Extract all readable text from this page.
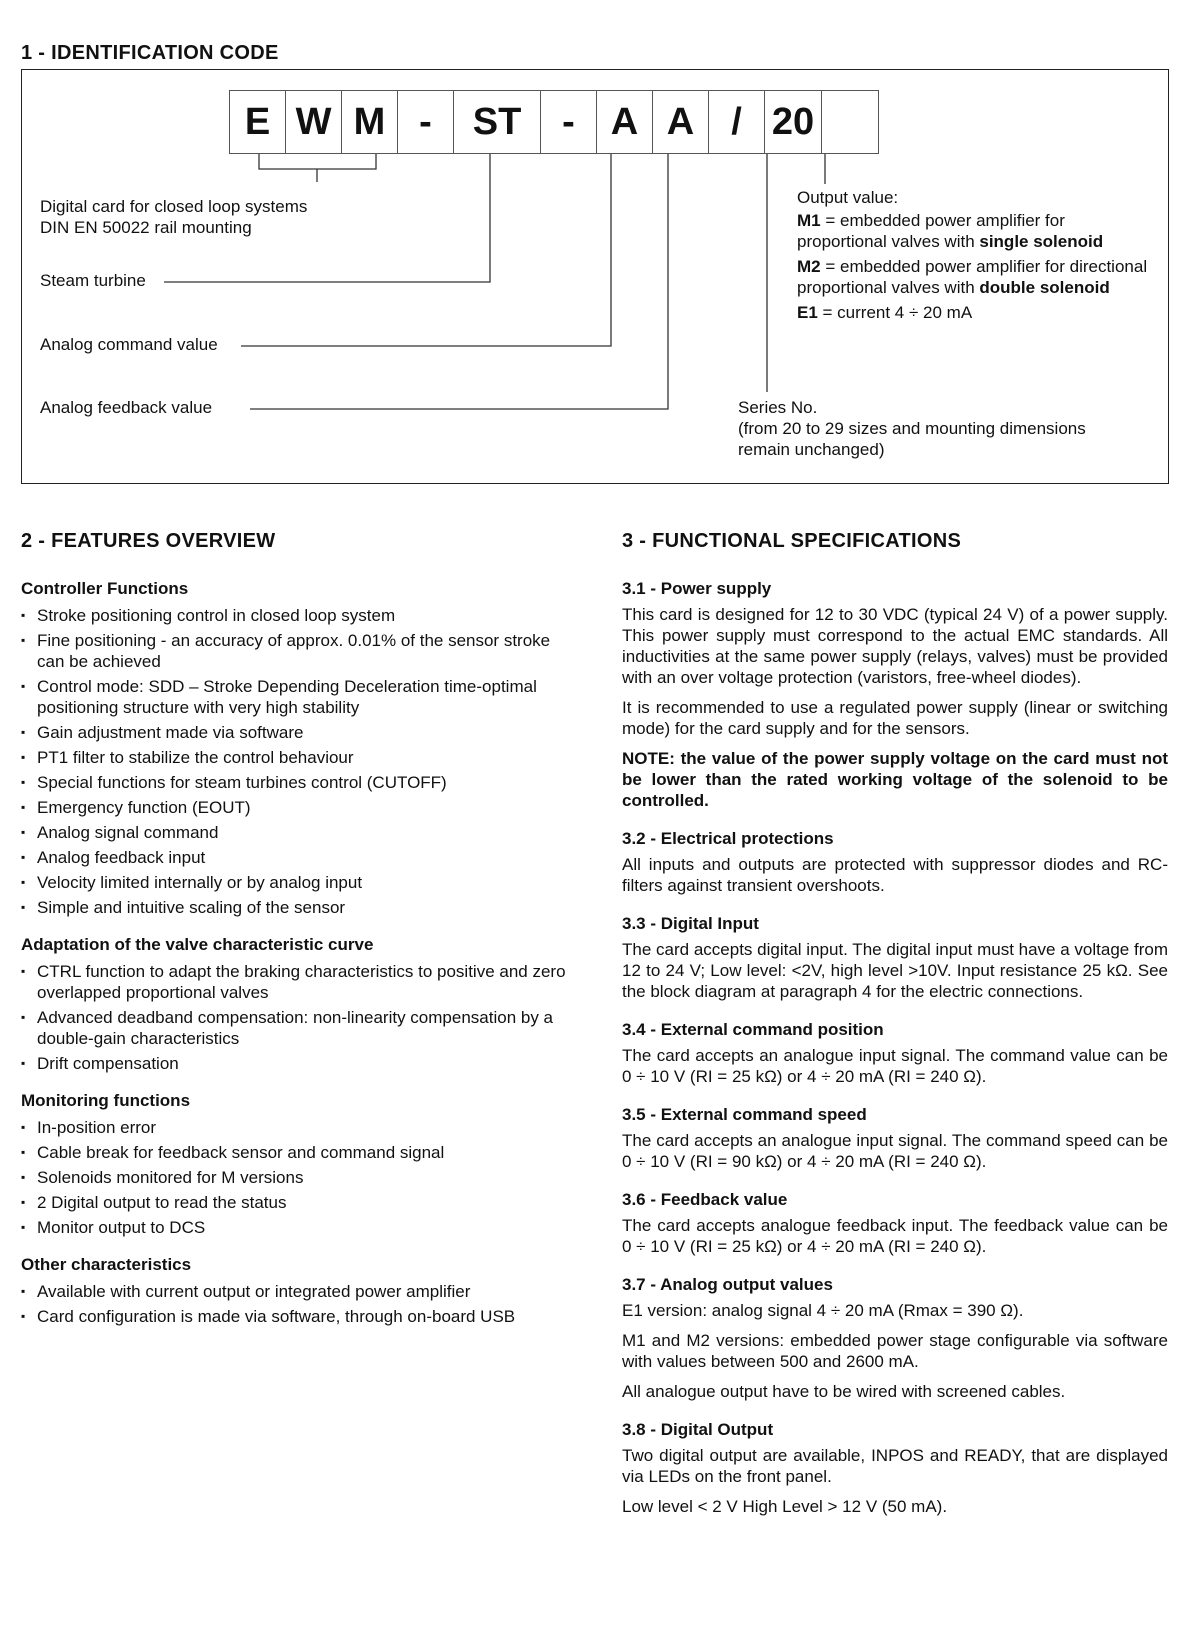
1 - IDENTIFICATION CODE
E W M -	ST	- A A / 20
Digital card for closed loop systems
DIN EN 50022 rail mounting
Steam turbine
Analog command value
Analog feedback value
Output value:
M1 = embedded power amplifier for proportional valves with single solenoid
M2 = embedded power amplifier for directional proportional valves with double solenoid
E1 = current 4 ÷ 20 mA
Series No.
(from 20 to 29 sizes and mounting dimensions
remain unchanged)
2 - FEATURES OVERVIEW
Controller Functions
▪ Stroke positioning control in closed loop system
▪ Fine positioning - an accuracy of approx. 0.01% of the sensor stroke can be achieved
▪ Control mode: SDD – Stroke Depending Deceleration time-optimal positioning structure with very high stability
▪ Gain adjustment made via software
▪ PT1 filter to stabilize the control behaviour
▪ Special functions for steam turbines control (CUTOFF)
▪ Emergency function (EOUT)
▪ Analog signal command
▪ Analog feedback input
▪ Velocity limited internally or by analog input
▪ Simple and intuitive scaling of the sensor
Adaptation of the valve characteristic curve
▪ CTRL function to adapt the braking characteristics to positive and zero overlapped proportional valves
▪ Advanced deadband compensation: non-linearity compensation by a double-gain characteristics
▪ Drift compensation
Monitoring functions
▪ In-position error
▪ Cable break for feedback sensor and command signal
▪ Solenoids monitored for M versions
▪ 2 Digital output to read the status
▪ Monitor output to DCS
Other characteristics
▪ Available with current output or integrated power amplifier
▪ Card configuration is made via software, through on-board USB
3 - FUNCTIONAL SPECIFICATIONS
3.1 - Power supply
This card is designed for 12 to 30 VDC (typical 24 V) of a power supply. This power supply must correspond to the actual EMC standards. All inductivities at the same power supply (relays, valves) must be provided with an over voltage protection (varistors, free-wheel diodes).
It is recommended to use a regulated power supply (linear or switching mode) for the card supply and for the sensors.
NOTE: the value of the power supply voltage on the card must not be lower than the rated working voltage of the solenoid to be controlled.
3.2 - Electrical protections
All inputs and outputs are protected with suppressor diodes and RC-filters against transient overshoots.
3.3 - Digital Input
The card accepts digital input. The digital input must have a voltage from 12 to 24 V; Low level: <2V, high level >10V. Input resistance 25 kΩ. See the block diagram at paragraph 4 for the electric connections.
3.4 - External command position
The card accepts an analogue input signal. The command value can be 0 ÷ 10 V (RI = 25 kΩ) or 4 ÷ 20 mA (RI = 240 Ω).
3.5 - External command speed
The card accepts an analogue input signal. The command speed can be 0 ÷ 10 V (RI = 90 kΩ) or 4 ÷ 20 mA (RI = 240 Ω).
3.6 - Feedback value
The card accepts analogue feedback input. The feedback value can be 0 ÷ 10 V (RI = 25 kΩ) or 4 ÷ 20 mA (RI = 240 Ω).
3.7 - Analog output values
E1 version: analog signal 4 ÷ 20 mA (Rmax = 390 Ω).
M1 and M2 versions: embedded power stage configurable via software with values between 500 and 2600 mA.
All analogue output have to be wired with screened cables.
3.8 - Digital Output
Two digital output are available, INPOS and READY, that are displayed via LEDs on the front panel.
Low level < 2 V High Level > 12 V (50 mA).
